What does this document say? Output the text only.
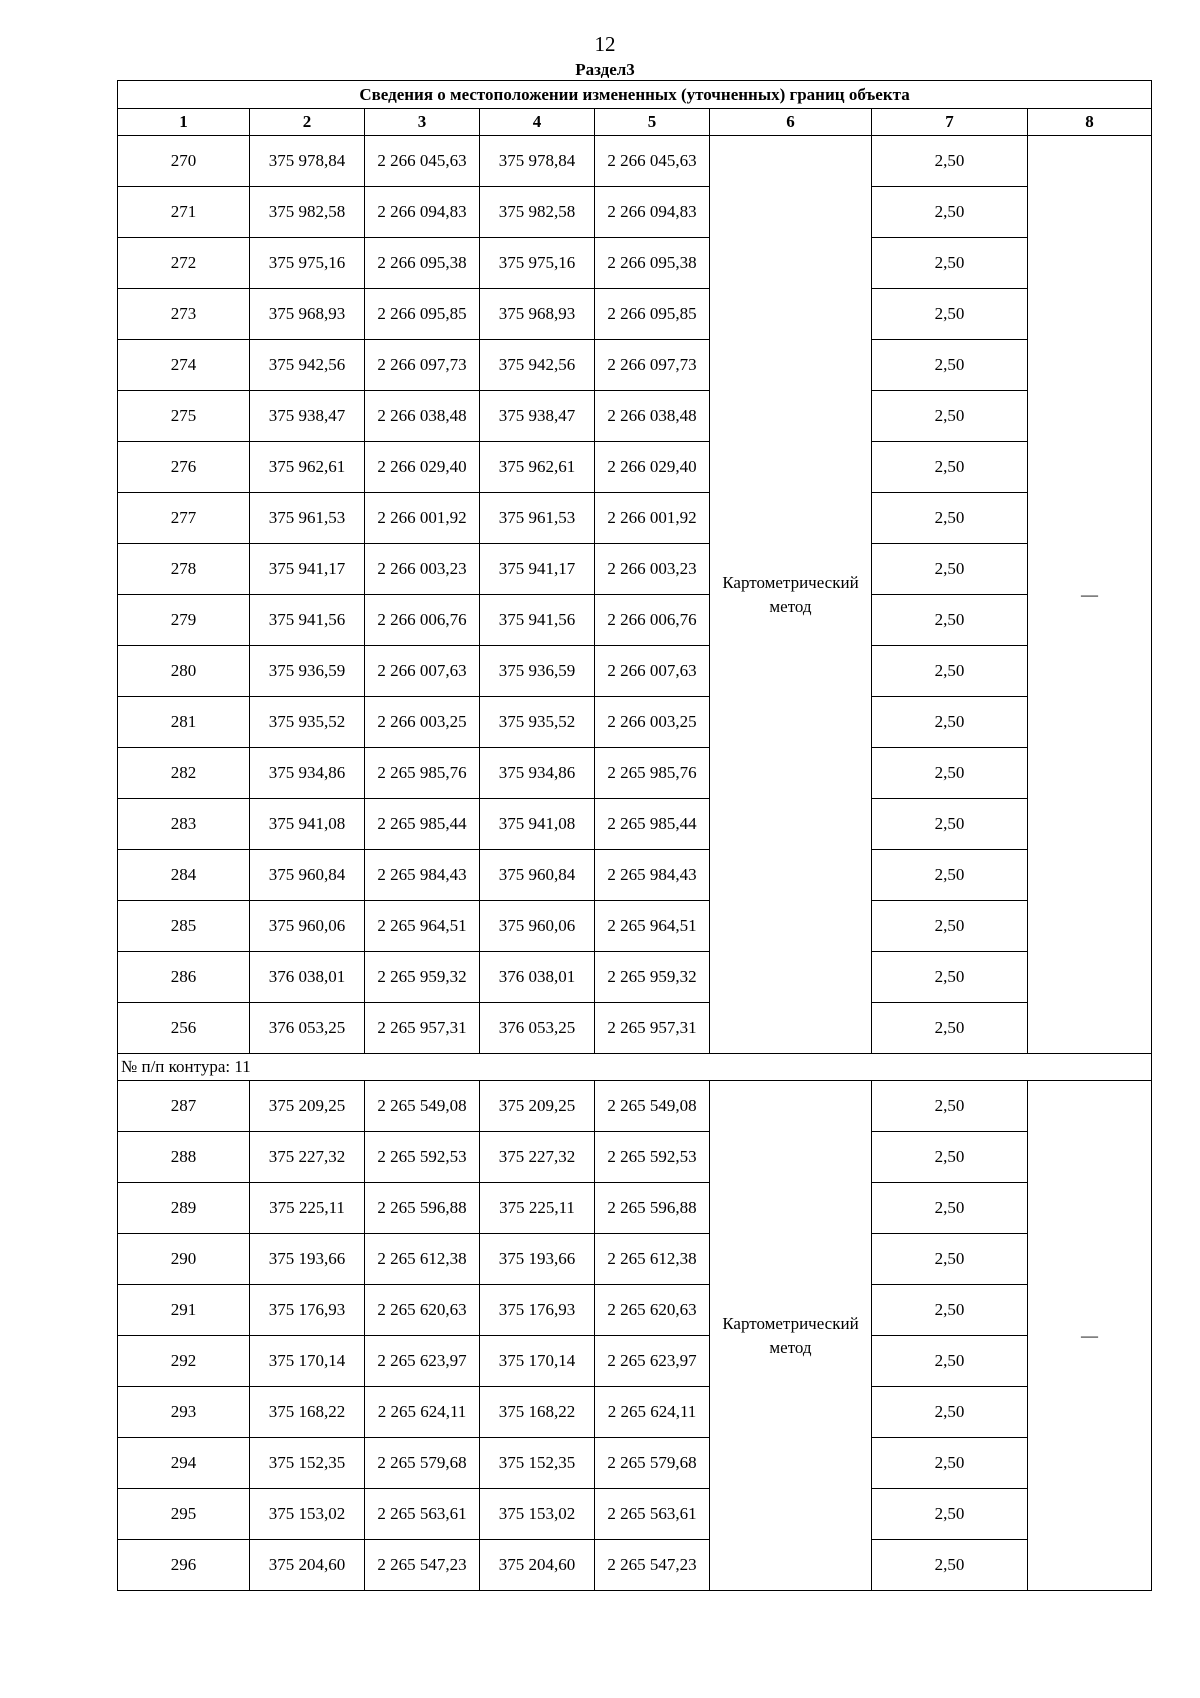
12
Раздел3
Сведения о местоположении измененных (уточненных) границ объекта							
1	2	3	4	5	6	7	8
270	375 978,84	2 266 045,63	375 978,84	2 266 045,63	Картометрический метод	2,50	—
271	375 982,58	2 266 094,83	375 982,58	2 266 094,83		2,50	
272	375 975,16	2 266 095,38	375 975,16	2 266 095,38		2,50	
273	375 968,93	2 266 095,85	375 968,93	2 266 095,85		2,50	
274	375 942,56	2 266 097,73	375 942,56	2 266 097,73		2,50	
275	375 938,47	2 266 038,48	375 938,47	2 266 038,48		2,50	
276	375 962,61	2 266 029,40	375 962,61	2 266 029,40		2,50	
277	375 961,53	2 266 001,92	375 961,53	2 266 001,92		2,50	
278	375 941,17	2 266 003,23	375 941,17	2 266 003,23		2,50	
279	375 941,56	2 266 006,76	375 941,56	2 266 006,76		2,50	
280	375 936,59	2 266 007,63	375 936,59	2 266 007,63		2,50	
281	375 935,52	2 266 003,25	375 935,52	2 266 003,25		2,50	
282	375 934,86	2 265 985,76	375 934,86	2 265 985,76		2,50	
283	375 941,08	2 265 985,44	375 941,08	2 265 985,44		2,50	
284	375 960,84	2 265 984,43	375 960,84	2 265 984,43		2,50	
285	375 960,06	2 265 964,51	375 960,06	2 265 964,51		2,50	
286	376 038,01	2 265 959,32	376 038,01	2 265 959,32		2,50	
256	376 053,25	2 265 957,31	376 053,25	2 265 957,31		2,50	
№ п/п контура: 11							
287	375 209,25	2 265 549,08	375 209,25	2 265 549,08	Картометрический метод	2,50	—
288	375 227,32	2 265 592,53	375 227,32	2 265 592,53		2,50	
289	375 225,11	2 265 596,88	375 225,11	2 265 596,88		2,50	
290	375 193,66	2 265 612,38	375 193,66	2 265 612,38		2,50	
291	375 176,93	2 265 620,63	375 176,93	2 265 620,63		2,50	
292	375 170,14	2 265 623,97	375 170,14	2 265 623,97		2,50	
293	375 168,22	2 265 624,11	375 168,22	2 265 624,11		2,50	
294	375 152,35	2 265 579,68	375 152,35	2 265 579,68		2,50	
295	375 153,02	2 265 563,61	375 153,02	2 265 563,61		2,50	
296	375 204,60	2 265 547,23	375 204,60	2 265 547,23		2,50	
